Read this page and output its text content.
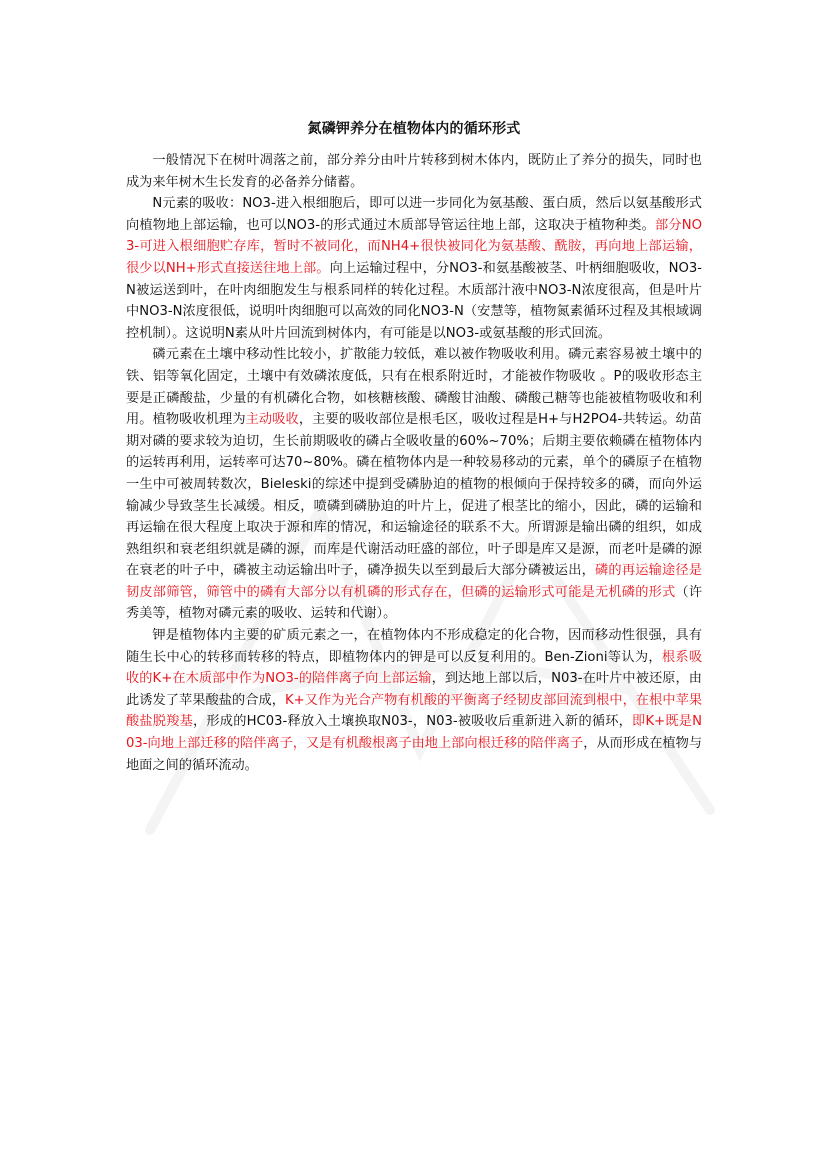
氮磷钾养分在植物体内的循环形式

一般情况下在树叶凋落之前，部分养分由叶片转移到树木体内，既防止了养分的损失，同时也成为来年树木生长发育的必备养分储蓄。

N元素的吸收：NO3-进入根细胞后，即可以进一步同化为氨基酸、蛋白质，然后以氨基酸形式向植物地上部运输，也可以NO3-的形式通过木质部导管运往地上部，这取决于植物种类。部分NO3-可进入根细胞贮存库，暂时不被同化，而NH4+很快被同化为氨基酸、酰胺，再向地上部运输，很少以NH+形式直接送往地上部。向上运输过程中，分NO3-和氨基酸被茎、叶柄细胞吸收，NO3-N被运送到叶，在叶肉细胞发生与根系同样的转化过程。木质部汁液中NO3-N浓度很高，但是叶片中NO3-N浓度很低，说明叶肉细胞可以高效的同化NO3-N（安慧等，植物氮素循环过程及其根域调控机制）。这说明N素从叶片回流到树体内，有可能是以NO3-或氨基酸的形式回流。

磷元素在土壤中移动性比较小，扩散能力较低，难以被作物吸收利用。磷元素容易被土壤中的铁、铝等氧化固定，土壤中有效磷浓度低，只有在根系附近时，才能被作物吸收 。P的吸收形态主要是正磷酸盐，少量的有机磷化合物，如核糖核酸、磷酸甘油酸、磷酸己糖等也能被植物吸收和利用。植物吸收机理为主动吸收，主要的吸收部位是根毛区，吸收过程是H+与H2PO4-共转运。幼苗期对磷的要求较为迫切，生长前期吸收的磷占全吸收量的60%~70%；后期主要依赖磷在植物体内的运转再利用，运转率可达70~80%。磷在植物体内是一种较易移动的元素，单个的磷原子在植物一生中可被周转数次，Bieleski的综述中提到受磷胁迫的植物的根倾向于保持较多的磷，而向外运输减少导致茎生长减缓。相反，喷磷到磷胁迫的叶片上，促进了根茎比的缩小，因此，磷的运输和再运输在很大程度上取决于源和库的情况，和运输途径的联系不大。所谓源是输出磷的组织，如成熟组织和衰老组织就是磷的源，而库是代谢活动旺盛的部位，叶子即是库又是源，而老叶是磷的源在衰老的叶子中，磷被主动运输出叶子，磷净损失以至到最后大部分磷被运出，磷的再运输途径是韧皮部筛管，筛管中的磷有大部分以有机磷的形式存在，但磷的运输形式可能是无机磷的形式（许秀美等，植物对磷元素的吸收、运转和代谢）。

钾是植物体内主要的矿质元素之一，在植物体内不形成稳定的化合物，因而移动性很强，具有随生长中心的转移而转移的特点，即植物体内的钾是可以反复利用的。Ben-Zioni等认为，根系吸收的K+在木质部中作为NO3-的陪伴离子向上部运输，到达地上部以后，N03-在叶片中被还原，由此诱发了苹果酸盐的合成，K+又作为光合产物有机酸的平衡离子经韧皮部回流到根中，在根中苹果酸盐脱羧基，形成的HC03-释放入土壤换取N03-，N03-被吸收后重新进入新的循环，即K+既是N03-向地上部迁移的陪伴离子，又是有机酸根离子由地上部向根迁移的陪伴离子，从而形成在植物与地面之间的循环流动。
